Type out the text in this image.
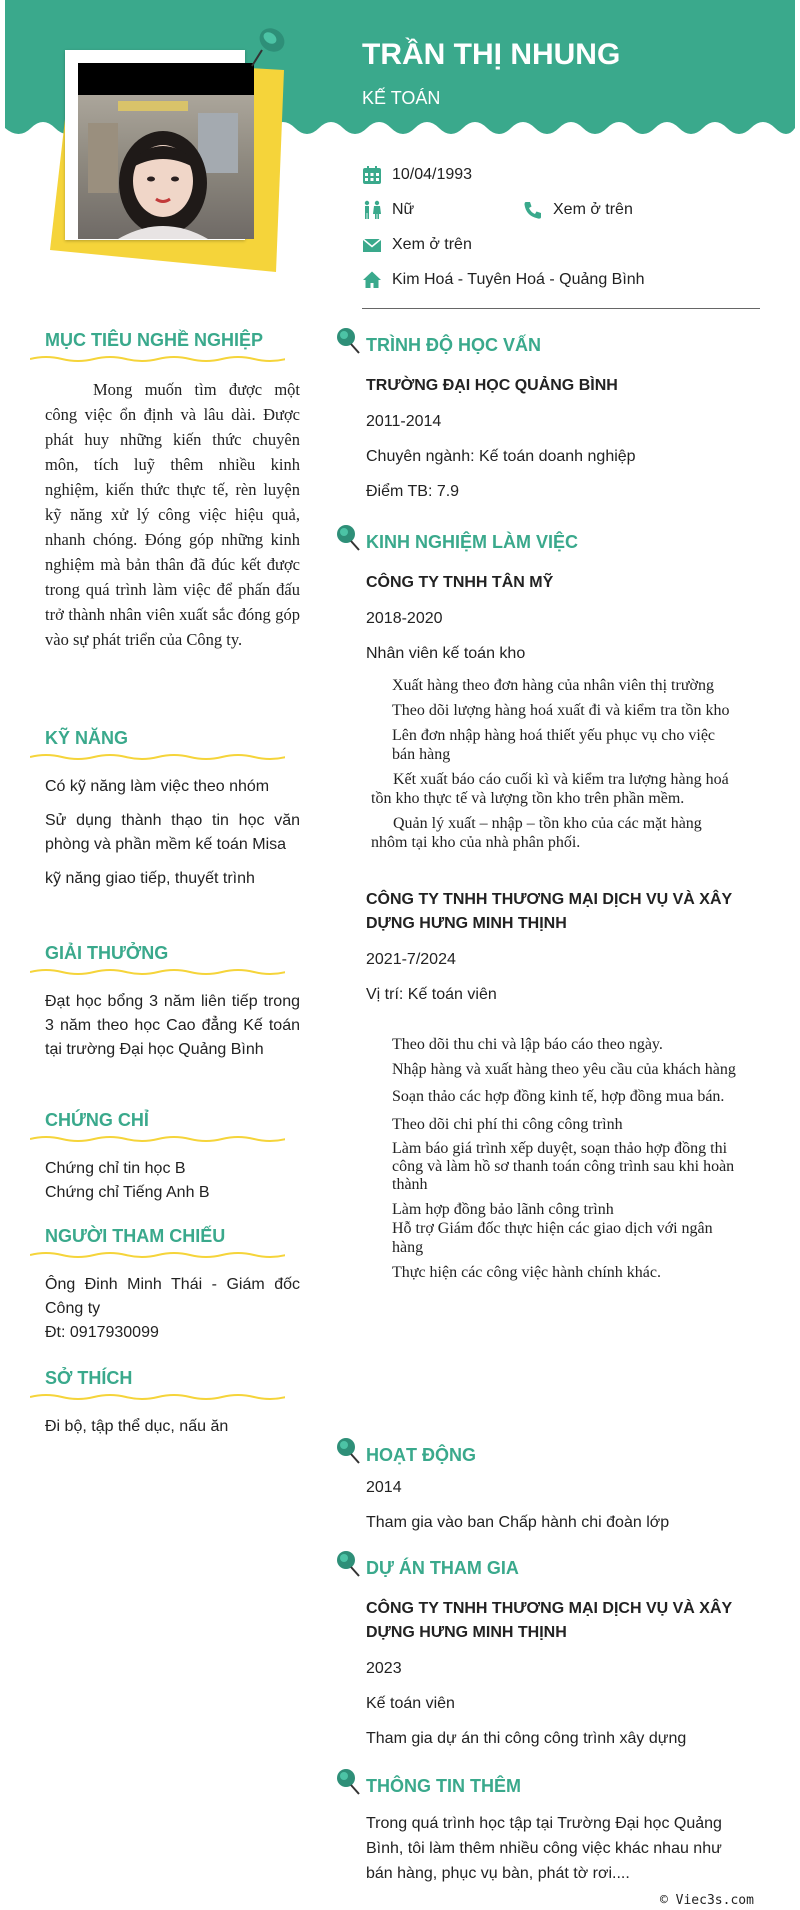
TRẦN THỊ NHUNG
KẾ TOÁN
10/04/1993
Nữ	Xem ở trên
Xem ở trên
Kim Hoá - Tuyên Hoá - Quảng Bình
MỤC TIÊU NGHỀ NGHIỆP
Mong muốn tìm được một công việc ổn định và lâu dài. Được phát huy những kiến thức chuyên môn, tích luỹ thêm nhiều kinh nghiệm, kiến thức thực tế, rèn luyện kỹ năng xử lý công việc hiệu quả, nhanh chóng. Đóng góp những kinh nghiệm mà bản thân đã đúc kết được trong quá trình làm việc để phấn đấu trở thành nhân viên xuất sắc đóng góp vào sự phát triển của Công ty.
KỸ NĂNG
Có kỹ năng làm việc theo nhóm
Sử dụng thành thạo tin học văn phòng và phần mềm kế toán Misa
kỹ năng giao tiếp, thuyết trình
GIẢI THƯỞNG
Đạt học bổng 3 năm liên tiếp trong 3 năm theo học Cao đẳng Kế toán tại trường Đại học Quảng Bình
CHỨNG CHỈ
Chứng chỉ tin học B
Chứng chỉ Tiếng Anh B
NGƯỜI THAM CHIẾU
Ông Đinh Minh Thái - Giám đốc Công ty
Đt: 0917930099
SỞ THÍCH
Đi bộ, tập thể dục, nấu ăn
TRÌNH ĐỘ HỌC VẤN
TRƯỜNG ĐẠI HỌC QUẢNG BÌNH
2011-2014
Chuyên ngành: Kế toán doanh nghiệp
Điểm TB: 7.9
KINH NGHIỆM LÀM VIỆC
CÔNG TY TNHH TÂN MỸ
2018-2020
Nhân viên kế toán kho
Xuất hàng theo đơn hàng của nhân viên thị trường
Theo dõi lượng hàng hoá xuất đi và kiểm tra tồn kho
Lên đơn nhập hàng hoá thiết yếu phục vụ cho việc bán hàng
Kết xuất báo cáo cuối kì và kiểm tra lượng hàng hoá tồn kho thực tế và lượng tồn kho trên phần mềm.
Quản lý xuất – nhập – tồn kho của các mặt hàng nhôm tại kho của nhà phân phối.
CÔNG TY TNHH THƯƠNG MẠI DỊCH VỤ VÀ XÂY DỰNG HƯNG MINH THỊNH
2021-7/2024
Vị trí: Kế toán viên
Theo dõi thu chi và lập báo cáo theo ngày.
Nhập hàng và xuất hàng theo yêu cầu của khách hàng
Soạn thảo các hợp đồng kinh tế, hợp đồng mua bán.
Theo dõi chi phí thi công công trình
Làm báo giá trình xếp duyệt, soạn thảo hợp đồng thi công và làm hồ sơ thanh toán công trình sau khi hoàn thành
Làm hợp đồng bảo lãnh công trình
Hỗ trợ Giám đốc thực hiện các giao dịch với ngân hàng
Thực hiện các công việc hành chính khác.
HOẠT ĐỘNG
2014
Tham gia vào ban Chấp hành chi đoàn lớp
DỰ ÁN THAM GIA
CÔNG TY TNHH THƯƠNG MẠI DỊCH VỤ VÀ XÂY DỰNG HƯNG MINH THỊNH
2023
Kế toán viên
Tham gia dự án thi công công trình xây dựng
THÔNG TIN THÊM
Trong quá trình học tập tại Trường Đại học Quảng Bình, tôi làm thêm nhiều công việc khác nhau như bán hàng, phục vụ bàn, phát tờ rơi....
© Viec3s.com
